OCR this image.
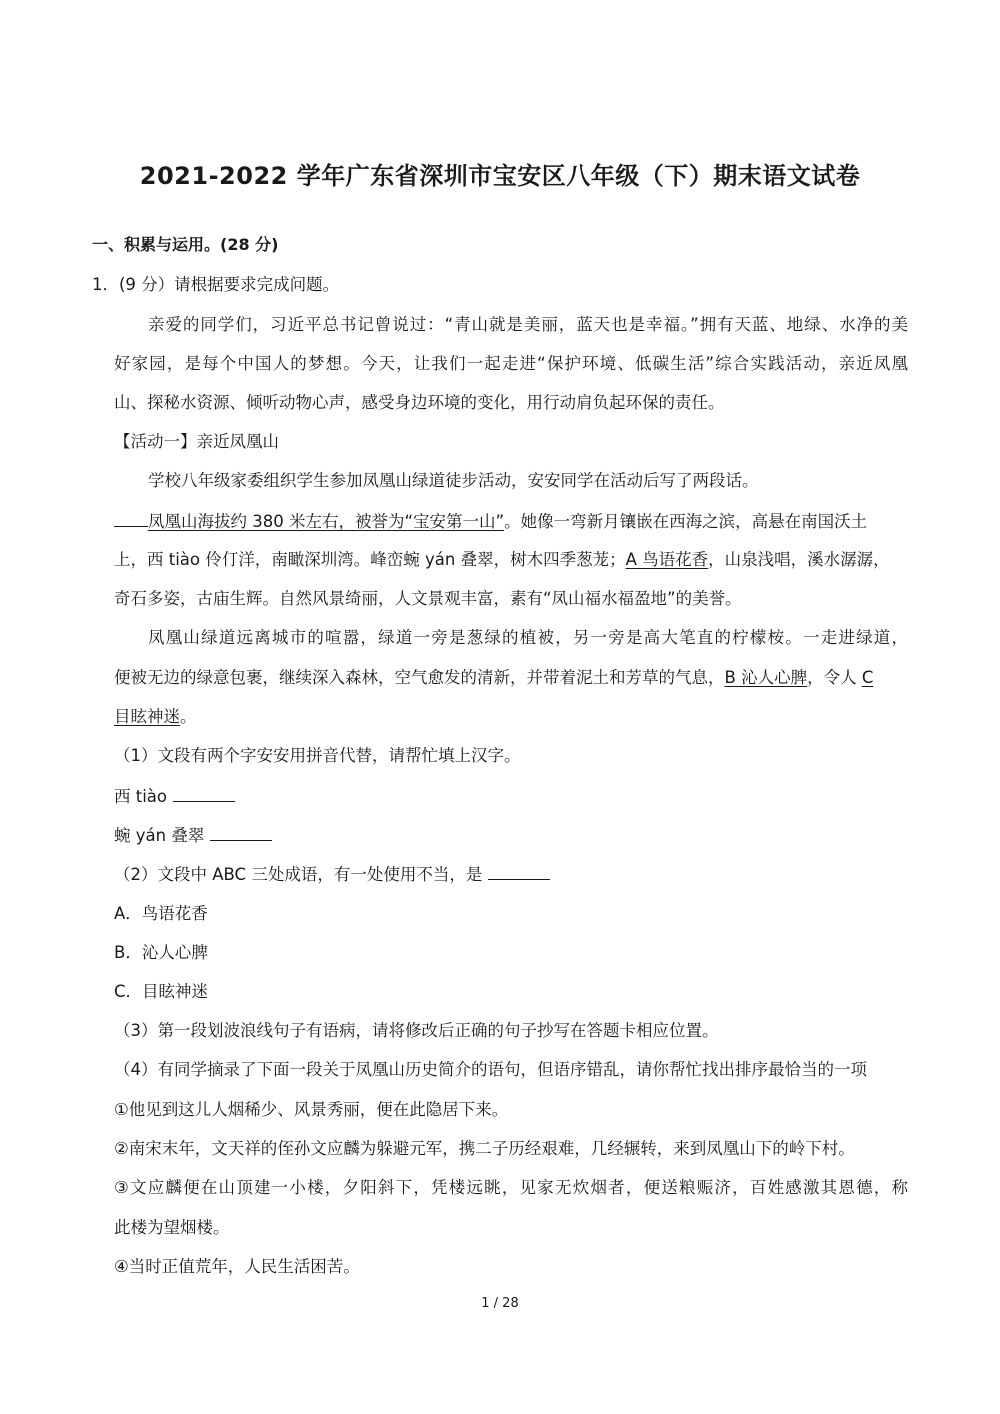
2021-2022 学年广东省深圳市宝安区八年级（下）期末语文试卷
一、积累与运用。(28 分)
1．(9 分）请根据要求完成问题。
亲爱的同学们，习近平总书记曾说过：“青山就是美丽，蓝天也是幸福。”拥有天蓝、地绿、水净的美
好家园，是每个中国人的梦想。今天，让我们一起走进“保护环境、低碳生活”综合实践活动，亲近凤凰
山、探秘水资源、倾听动物心声，感受身边环境的变化，用行动肩负起环保的责任。
【活动一】亲近凤凰山
学校八年级家委组织学生参加凤凰山绿道徒步活动，安安同学在活动后写了两段话。
凤凰山海拔约 380 米左右，被誉为“宝安第一山”。她像一弯新月镶嵌在西海之滨，高悬在南国沃土
上，西 tiào 伶仃洋，南瞰深圳湾。峰峦蜿 yán 叠翠，树木四季葱茏；A 鸟语花香，山泉浅唱，溪水潺潺，
奇石多姿，古庙生辉。自然风景绮丽，人文景观丰富，素有“凤山福水福盈地”的美誉。
凤凰山绿道远离城市的喧嚣，绿道一旁是葱绿的植被，另一旁是高大笔直的柠檬桉。一走进绿道，
便被无边的绿意包裹，继续深入森林，空气愈发的清新，并带着泥土和芳草的气息，B 沁人心脾，令人 C
目眩神迷。
（1）文段有两个字安安用拼音代替，请帮忙填上汉字。
西 tiào
蜿 yán 叠翠
（2）文段中 ABC 三处成语，有一处使用不当，是
A．鸟语花香
B．沁人心脾
C．目眩神迷
（3）第一段划波浪线句子有语病，请将修改后正确的句子抄写在答题卡相应位置。
（4）有同学摘录了下面一段关于凤凰山历史简介的语句，但语序错乱，请你帮忙找出排序最恰当的一项
①他见到这儿人烟稀少、风景秀丽，便在此隐居下来。
②南宋末年，文天祥的侄孙文应麟为躲避元军，携二子历经艰难，几经辗转，来到凤凰山下的岭下村。
③文应麟便在山顶建一小楼，夕阳斜下，凭楼远眺，见家无炊烟者，便送粮赈济，百姓感激其恩德，称
此楼为望烟楼。
④当时正值荒年，人民生活困苦。
1 / 28
